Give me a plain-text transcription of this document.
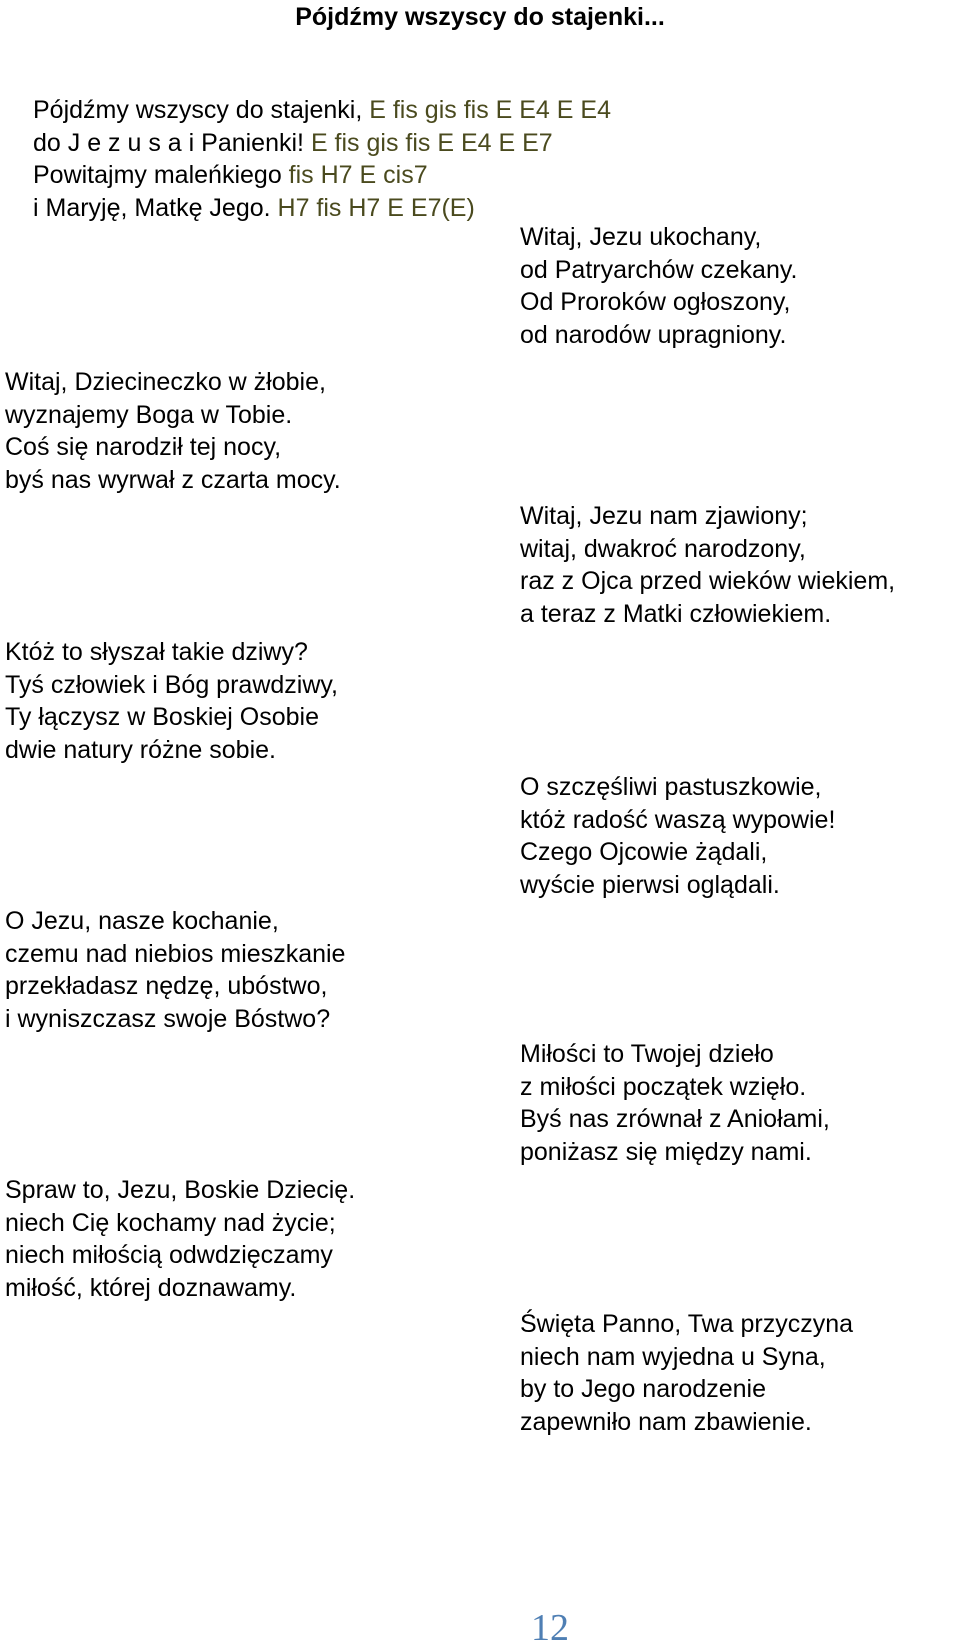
Pójdźmy wszyscy do stajenki...
Pójdźmy wszyscy do stajenki, E fis gis fis E E4 E E4
do J e z u s a i Panienki! E fis gis fis E E4 E E7
Powitajmy maleńkiego fis H7 E cis7
i Maryję, Matkę Jego. H7 fis H7 E E7(E)
Witaj, Jezu ukochany,
od Patryarchów czekany.
Od Proroków ogłoszony,
od narodów upragniony.
Witaj, Jezu nam zjawiony;
witaj, dwakroć narodzony,
raz z Ojca przed wieków wiekiem,
a teraz z Matki człowiekiem.
O szczęśliwi pastuszkowie,
któż radość waszą wypowie!
Czego Ojcowie żądali,
wyście pierwsi oglądali.
Miłości to Twojej dzieło
z miłości początek wzięło.
Byś nas zrównał z Aniołami,
poniżasz się między nami.
Święta Panno, Twa przyczyna
niech nam wyjedna u Syna,
by to Jego narodzenie
zapewniło nam zbawienie.
Witaj, Dziecineczko w żłobie,
wyznajemy Boga w Tobie.
Coś się narodził tej nocy,
byś nas wyrwał z czarta mocy.
Któż to słyszał takie dziwy?
Tyś człowiek i Bóg prawdziwy,
Ty łączysz w Boskiej Osobie
dwie natury różne sobie.
O Jezu, nasze kochanie,
czemu nad niebios mieszkanie
przekładasz nędzę, ubóstwo,
i wyniszczasz swoje Bóstwo?
Spraw to, Jezu, Boskie Dziecię.
niech Cię kochamy nad życie;
niech miłością odwdzięczamy
miłość, której doznawamy.
12
